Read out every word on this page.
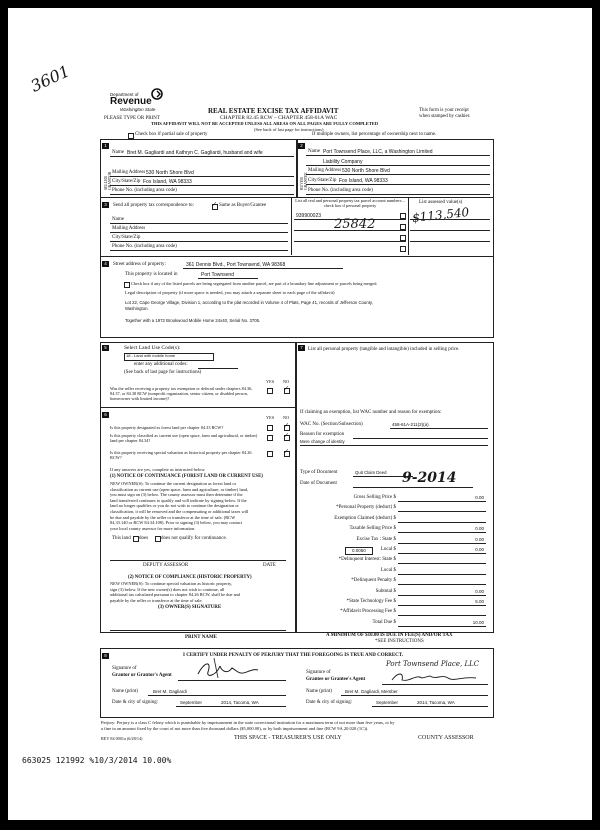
3601	Department of
Revenue
Washington State
PLEASE TYPE OR PRINT
REAL ESTATE EXCISE TAX AFFIDAVIT
CHAPTER 82.45 RCW – CHAPTER 458-61A WAC
THIS AFFIDAVIT WILL NOT BE ACCEPTED UNLESS ALL AREAS ON ALL PAGES ARE FULLY COMPLETED
(See back of last page for instructions)
This form is your receipt
when stamped by cashier.
Check box if partial sale of property	If multiple owners, list percentage of ownership next to name.
1	2
SELLER GRANTOR	BUYER GRANTEE
Name Bret M. Gagliardi and Kathryn C. Gagliardi, husband and wife
Mailing Address 530 North Shore Blvd
City/State/Zip Fox Island, WA 98333
Phone No. (including area code)
Name Port Townsend Place, LLC, a Washington Limited
Liability Company
Mailing Address 530 North Shore Blvd
City/State/Zip Fox Island, WA 98333
Phone No. (including area code)
3	Send all property tax correspondence to:	✓ Same as Buyer/Grantee
Name
Mailing Address
City/State/Zip
Phone No. (including area code)
List all real and personal property tax parcel account numbers – check box if personal property
List assessed value(s)
939900023
25842	$113,540
4	Street address of property:	361 Dennis Blvd., Port Townsend, WA 98368
This property is located in	Port Townsend
Check box if any of the listed parcels are being segregated from another parcel, are part of a boundary line adjustment or parcels being merged.
Legal description of property (if more space is needed, you may attach a separate sheet to each page of the affidavit)
Lot 22, Cape George Village, Division 1, according to the plat recorded in Volume 4 of Plats, Page 41, records of Jefferson County,
Washington.
Together with a 1972 Brookwood Mobile Home 24x40, Serial No. 3705.
5	Select Land Use Code(s):
18 - Land with mobile home
enter any additional codes:
(See back of last page for instructions)
YES NO
Was the seller receiving a property tax exemption or deferral under chapters 84.36, 84.37, or 84.38 RCW (nonprofit organization, senior citizen, or disabled person, homeowner with limited income)?
✓
6
YES NO
Is this property designated as forest land per chapter 84.33 RCW?	✓
Is this property classified as current use (open space, farm and agricultural, or timber) land per chapter 84.34?
✓
Is this property receiving special valuation as historical property per chapter 84.26 RCW?
✓
If any answers are yes, complete as instructed below.
(1) NOTICE OF CONTINUANCE (FOREST LAND OR CURRENT USE)
NEW OWNER(S): To continue the current designation as forest land or
classification as current use (open space, farm and agriculture, or timber) land,
you must sign on (3) below. The county assessor must then determine if the
land transferred continues to qualify and will indicate by signing below. If the
land no longer qualifies or you do not wish to continue the designation or
classification, it will be removed and the compensating or additional taxes will
be due and payable by the seller or transferor at the time of sale. (RCW
84.33.140 or RCW 84.34.108). Prior to signing (3) below, you may contact
your local county assessor for more information.
This land does	does not qualify for continuance.
DEPUTY ASSESSOR	DATE
(2) NOTICE OF COMPLIANCE (HISTORIC PROPERTY)
NEW OWNER(S): To continue special valuation as historic property,
sign (3) below. If the new owner(s) does not wish to continue, all
additional tax calculated pursuant to chapter 84.26 RCW, shall be due and
payable by the seller or transferor at the time of sale.
(3) OWNER(S) SIGNATURE
PRINT NAME
7	List all personal property (tangible and intangible) included in selling price.
If claiming an exemption, list WAC number and reason for exemption:
WAC No. (Section/Subsection)	458-61A-211(2)(a)
Reason for exemption
Mere change of identity
Type of Document	Quit Claim Deed
Date of Document	9-2014
Gross Selling Price $	0.00
*Personal Property (deduct) $
Exemption Claimed (deduct) $
Taxable Selling Price $	0.00
Excise Tax : State $	0.00
Local $	0.00
0.0050
*Delinquent Interest: State $
Local $
*Delinquent Penalty $
Subtotal $	0.00
*State Technology Fee $	5.00
*Affidavit Processing Fee $
Total Due $	10.00
A MINIMUM OF $10.00 IS DUE IN FEE(S) AND/OR TAX
*SEE INSTRUCTIONS
8	I CERTIFY UNDER PENALTY OF PERJURY THAT THE FOREGOING IS TRUE AND CORRECT.
Signature of
Grantor or Grantor's Agent
Name (print)	Bret M. Gagliardi
Date & city of signing:	September	2014, Tacoma, WA
Signature of
Grantee or Grantee's Agent
Port Townsend Place, LLC
Name (print)	Bret M. Gagliardi, Member
Date & city of signing:	September	2014, Tacoma, WA
Perjury: Perjury is a class C felony which is punishable by imprisonment in the state correctional institution for a maximum term of not more than five years, or by
a fine in an amount fixed by the court of not more than five thousand dollars ($5,000.00), or by both imprisonment and fine (RCW 9A.20.020 (1C)).
REV 84 0001a (6/28/14)	THIS SPACE - TREASURER'S USE ONLY	COUNTY ASSESSOR
663025 121992 %10/3/2014 10.00%
